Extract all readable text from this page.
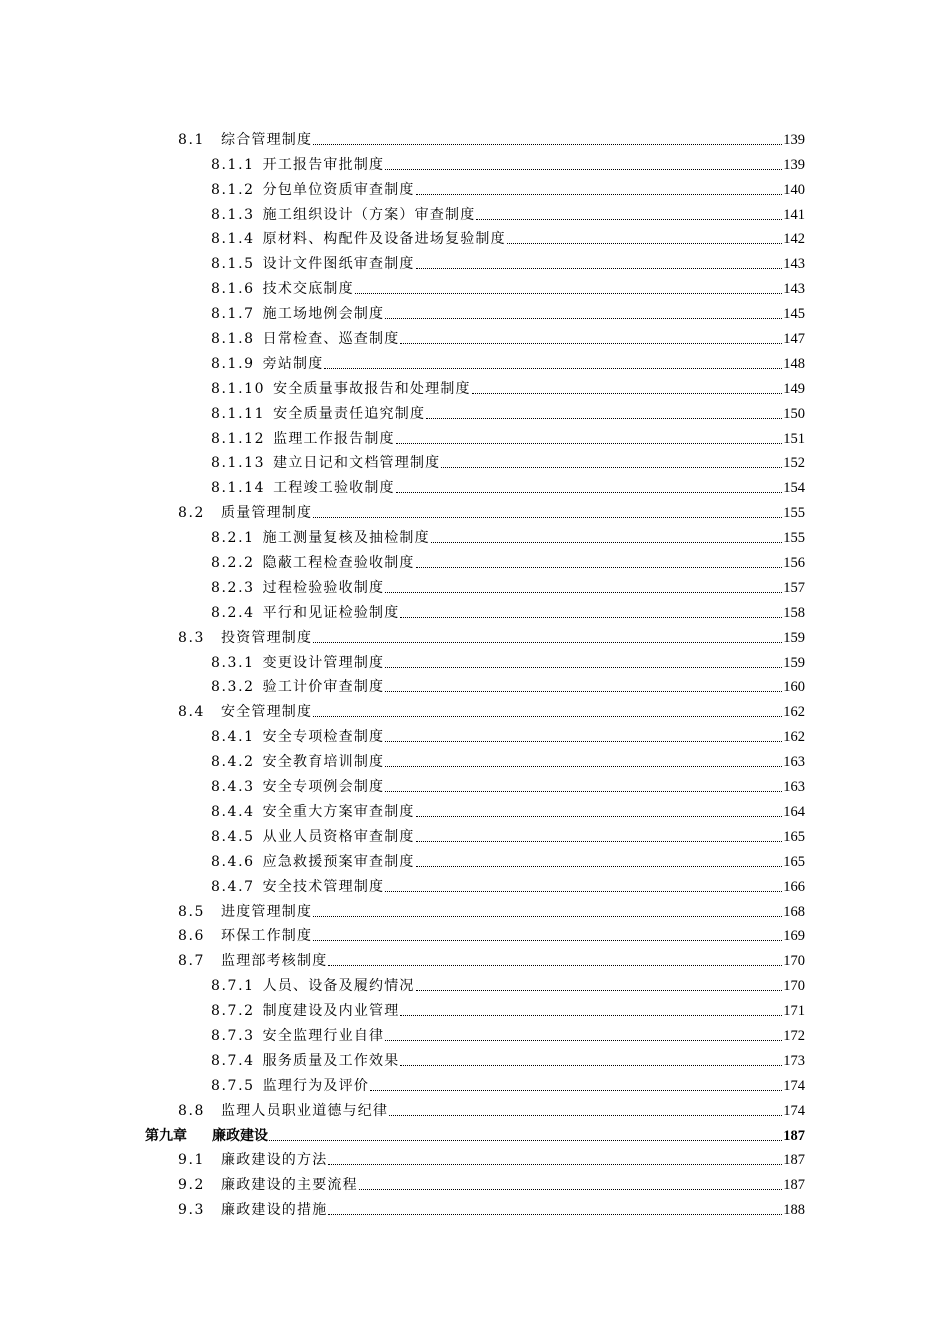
8.1	综合管理制度	139
8.1.1 开工报告审批制度	139
8.1.2 分包单位资质审查制度	140
8.1.3 施工组织设计（方案）审查制度	141
8.1.4 原材料、构配件及设备进场复验制度	142
8.1.5 设计文件图纸审查制度	143
8.1.6 技术交底制度	143
8.1.7 施工场地例会制度	145
8.1.8 日常检查、巡查制度	147
8.1.9 旁站制度	148
8.1.10 安全质量事故报告和处理制度	149
8.1.11 安全质量责任追究制度	150
8.1.12 监理工作报告制度	151
8.1.13 建立日记和文档管理制度	152
8.1.14 工程竣工验收制度	154
8.2	质量管理制度	155
8.2.1 施工测量复核及抽检制度	155
8.2.2 隐蔽工程检查验收制度	156
8.2.3 过程检验验收制度	157
8.2.4 平行和见证检验制度	158
8.3	投资管理制度	159
8.3.1 变更设计管理制度	159
8.3.2 验工计价审查制度	160
8.4	安全管理制度	162
8.4.1 安全专项检查制度	162
8.4.2 安全教育培训制度	163
8.4.3 安全专项例会制度	163
8.4.4 安全重大方案审查制度	164
8.4.5 从业人员资格审查制度	165
8.4.6 应急救援预案审查制度	165
8.4.7 安全技术管理制度	166
8.5	进度管理制度	168
8.6	环保工作制度	169
8.7	监理部考核制度	170
8.7.1 人员、设备及履约情况	170
8.7.2 制度建设及内业管理	171
8.7.3 安全监理行业自律	172
8.7.4 服务质量及工作效果	173
8.7.5 监理行为及评价	174
8.8	监理人员职业道德与纪律	174
第九章	廉政建设	187
9.1	廉政建设的方法	187
9.2	廉政建设的主要流程	187
9.3	廉政建设的措施	188
